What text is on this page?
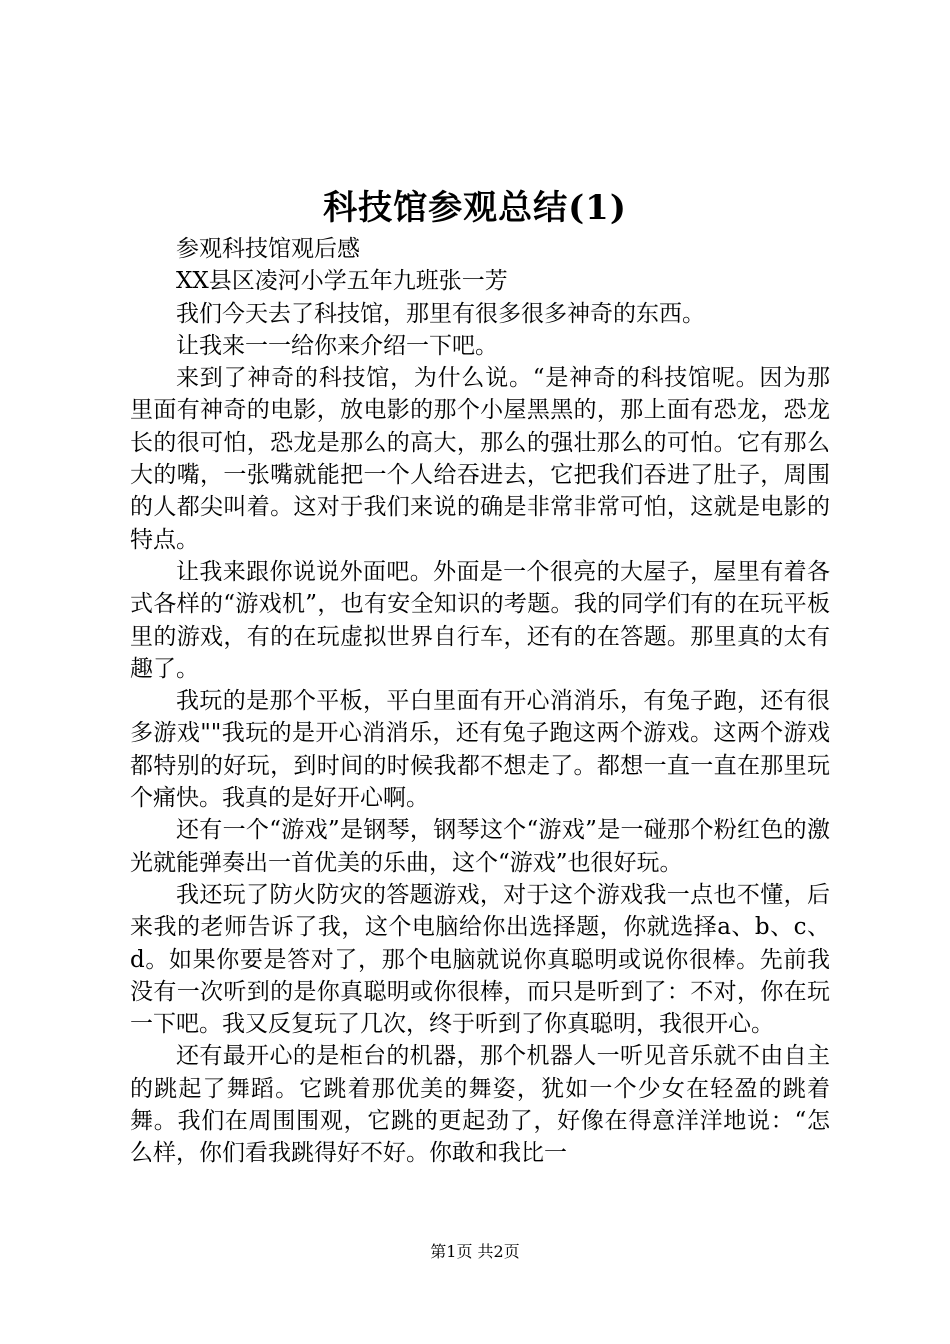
科技馆参观总结(1)

参观科技馆观后感

XX县区凌河小学五年九班张一芳

我们今天去了科技馆，那里有很多很多神奇的东西。

让我来一一给你来介绍一下吧。

来到了神奇的科技馆，为什么说。“是神奇的科技馆呢。因为那里面有神奇的电影，放电影的那个小屋黑黑的，那上面有恐龙，恐龙长的很可怕，恐龙是那么的高大，那么的强壮那么的可怕。它有那么大的嘴，一张嘴就能把一个人给吞进去，它把我们吞进了肚子，周围的人都尖叫着。这对于我们来说的确是非常非常可怕，这就是电影的特点。

让我来跟你说说外面吧。外面是一个很亮的大屋子，屋里有着各式各样的“游戏机”，也有安全知识的考题。我的同学们有的在玩平板里的游戏，有的在玩虚拟世界自行车，还有的在答题。那里真的太有趣了。

我玩的是那个平板，平白里面有开心消消乐，有兔子跑，还有很多游戏""我玩的是开心消消乐，还有兔子跑这两个游戏。这两个游戏都特别的好玩，到时间的时候我都不想走了。都想一直一直在那里玩个痛快。我真的是好开心啊。

还有一个“游戏”是钢琴，钢琴这个“游戏”是一碰那个粉红色的激光就能弹奏出一首优美的乐曲，这个“游戏”也很好玩。

我还玩了防火防灾的答题游戏，对于这个游戏我一点也不懂，后来我的老师告诉了我，这个电脑给你出选择题，你就选择a、b、c、d。如果你要是答对了，那个电脑就说你真聪明或说你很棒。先前我没有一次听到的是你真聪明或你很棒，而只是听到了：不对，你在玩一下吧。我又反复玩了几次，终于听到了你真聪明，我很开心。

还有最开心的是柜台的机器，那个机器人一听见音乐就不由自主的跳起了舞蹈。它跳着那优美的舞姿，犹如一个少女在轻盈的跳着舞。我们在周围围观，它跳的更起劲了，好像在得意洋洋地说：“怎么样，你们看我跳得好不好。你敢和我比一

第1页 共2页
